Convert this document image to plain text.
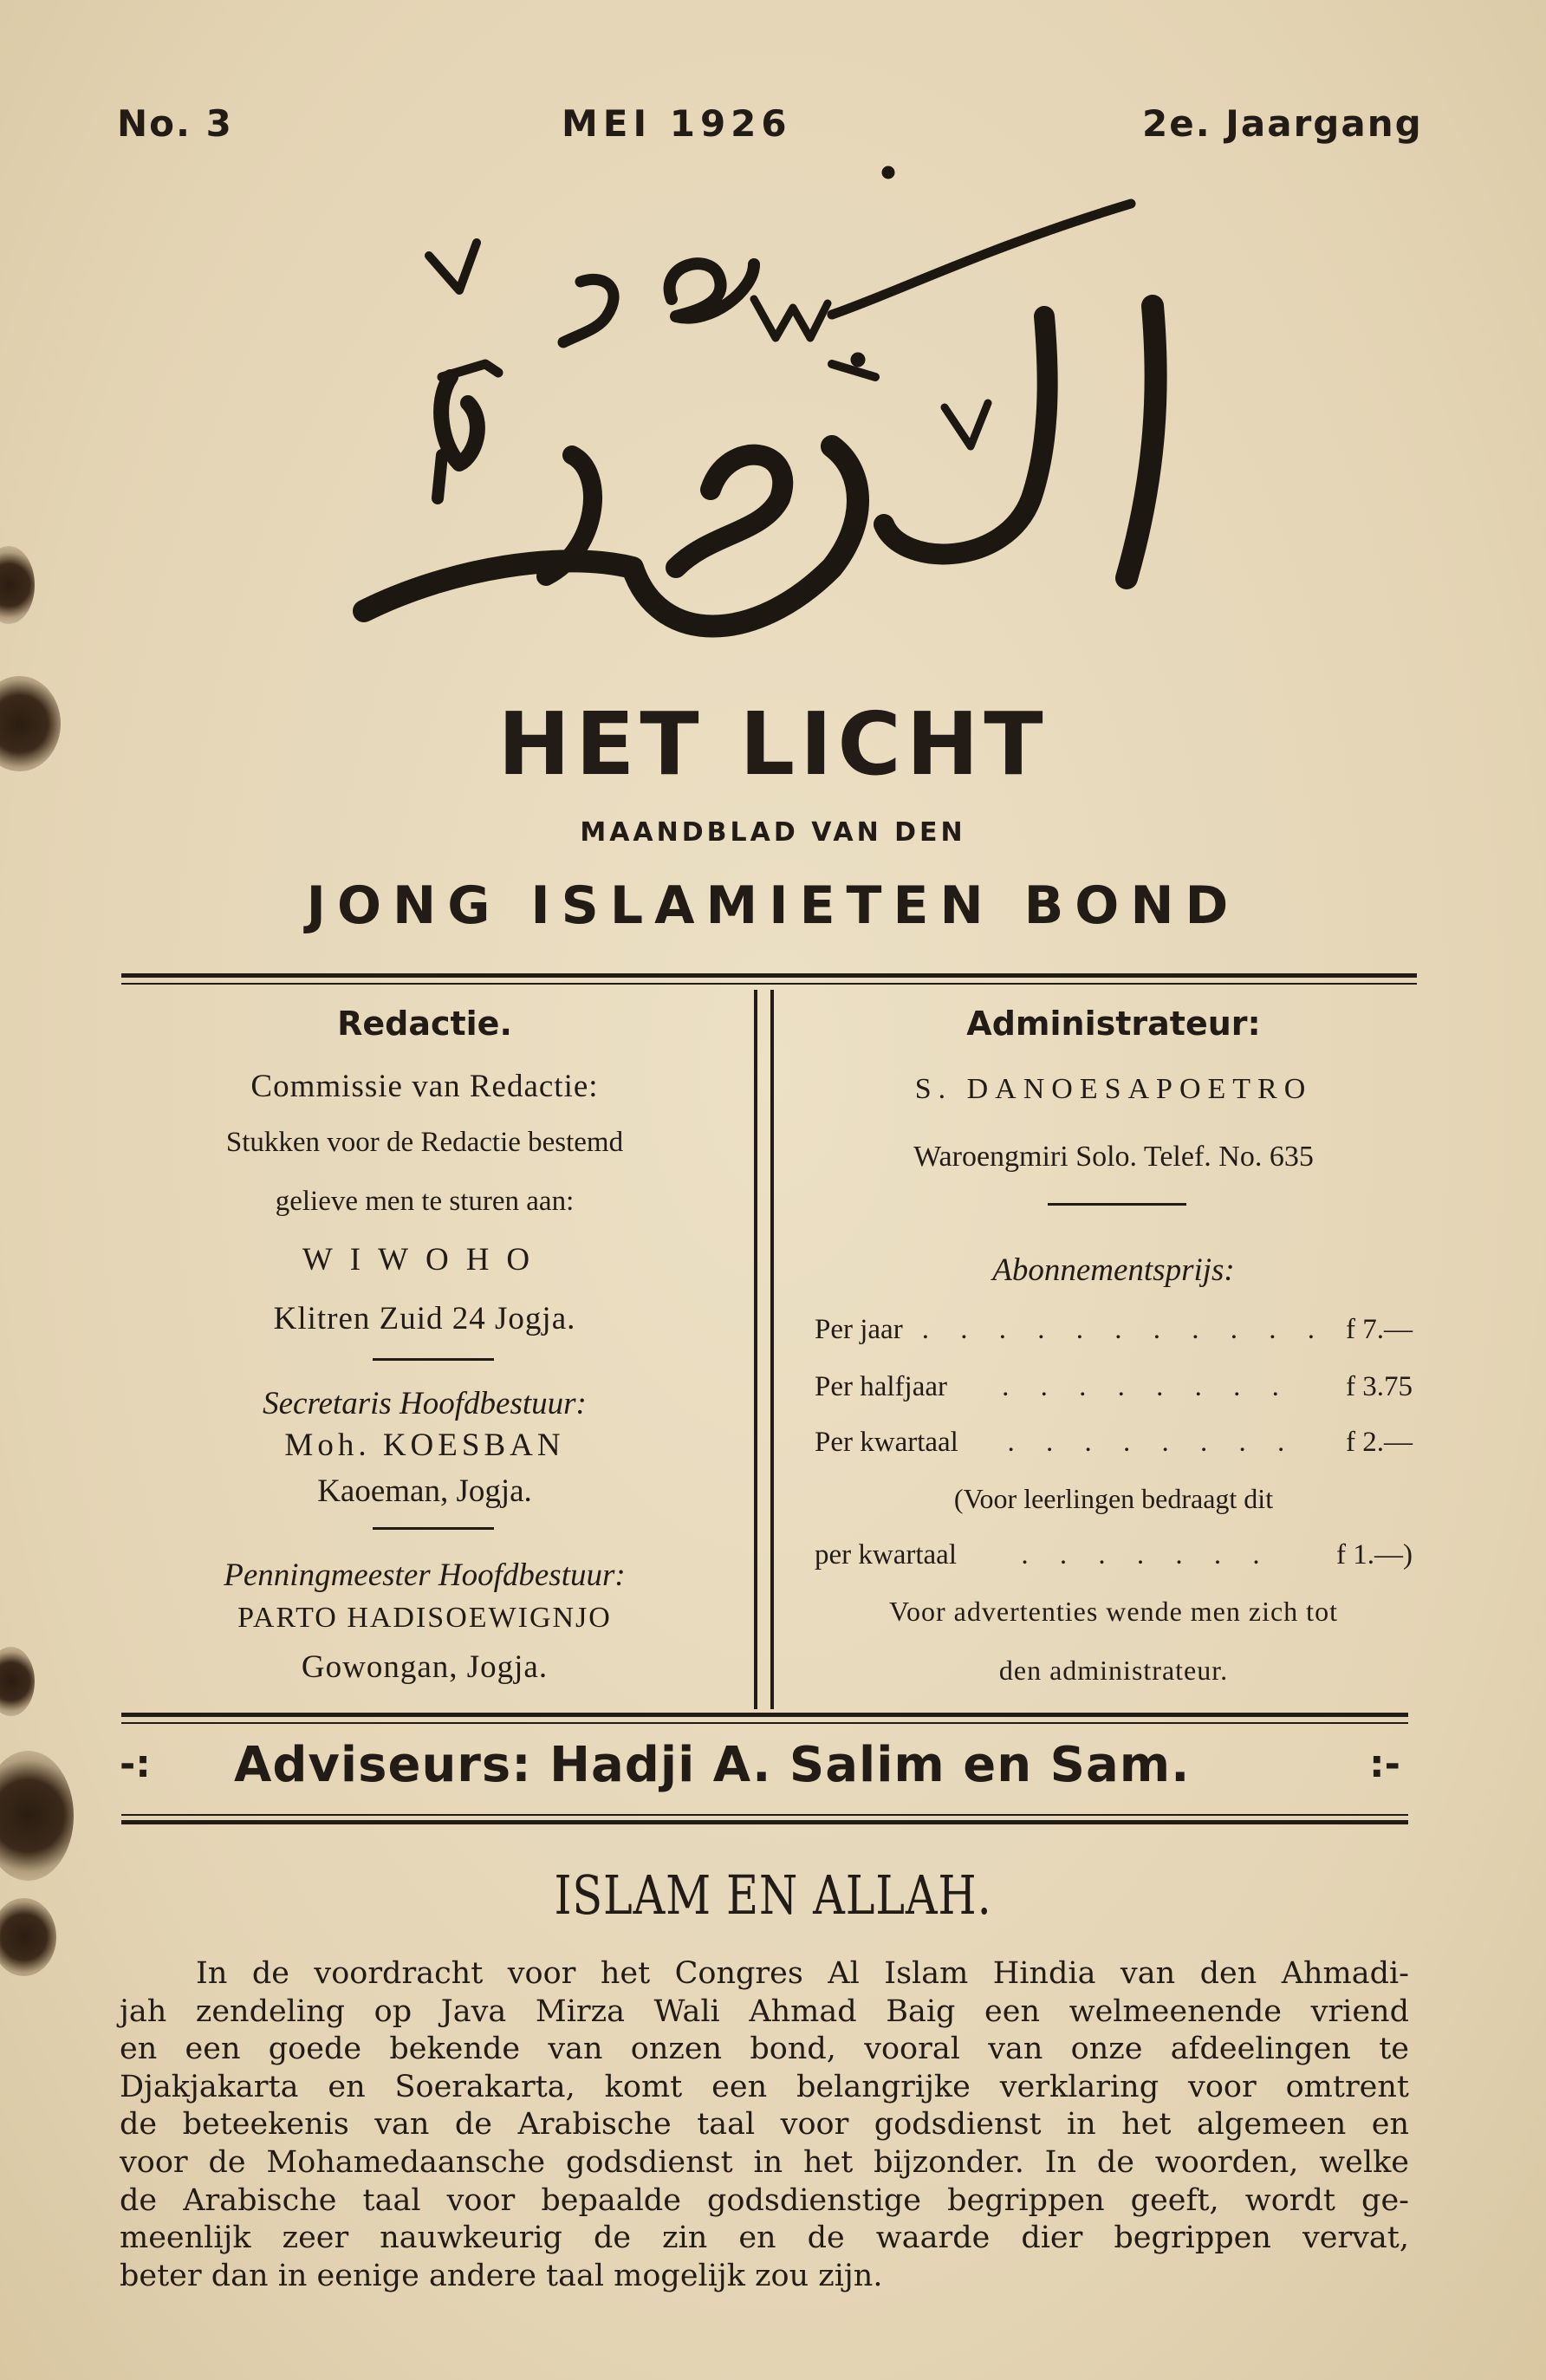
No. 3	MEI 1926	2e. Jaargang
HET LICHT
MAANDBLAD VAN DEN
JONG ISLAMIETEN BOND
Redactie.
Commissie van Redactie:
Stukken voor de Redactie bestemd
gelieve men te sturen aan:
WIWOHO
Klitren Zuid 24 Jogja.
Secretaris Hoofdbestuur:
Moh. KOESBAN
Kaoeman, Jogja.
Penningmeester Hoofdbestuur:
PARTO HADISOEWIGNJO
Gowongan, Jogja.
Administrateur:
S. DANOESAPOETRO
Waroengmiri Solo. Telef. No. 635
Abonnementsprijs:
Per jaar . . . . . . . . . . . f 7.—
Per halfjaar	. . . . . . . .	f 3.75
Per kwartaal	. . . . . . . .	f 2.—
(Voor leerlingen bedraagt dit
per kwartaal	. . . . . . .	f 1.—)
Voor advertenties wende men zich tot
den administrateur.
-: Adviseurs: Hadji A. Salim en Sam.	:-
ISLAM EN ALLAH.
In de voordracht voor het Congres Al Islam Hindia van den Ahmadi-
jah zendeling op Java Mirza Wali Ahmad Baig een welmeenende vriend
en een goede bekende van onzen bond, vooral van onze afdeelingen te
Djakjakarta en Soerakarta, komt een belangrijke verklaring voor omtrent
de beteekenis van de Arabische taal voor godsdienst in het algemeen en
voor de Mohamedaansche godsdienst in het bijzonder. In de woorden, welke
de Arabische taal voor bepaalde godsdienstige begrippen geeft, wordt ge-
meenlijk zeer nauwkeurig de zin en de waarde dier begrippen vervat,
beter dan in eenige andere taal mogelijk zou zijn.
